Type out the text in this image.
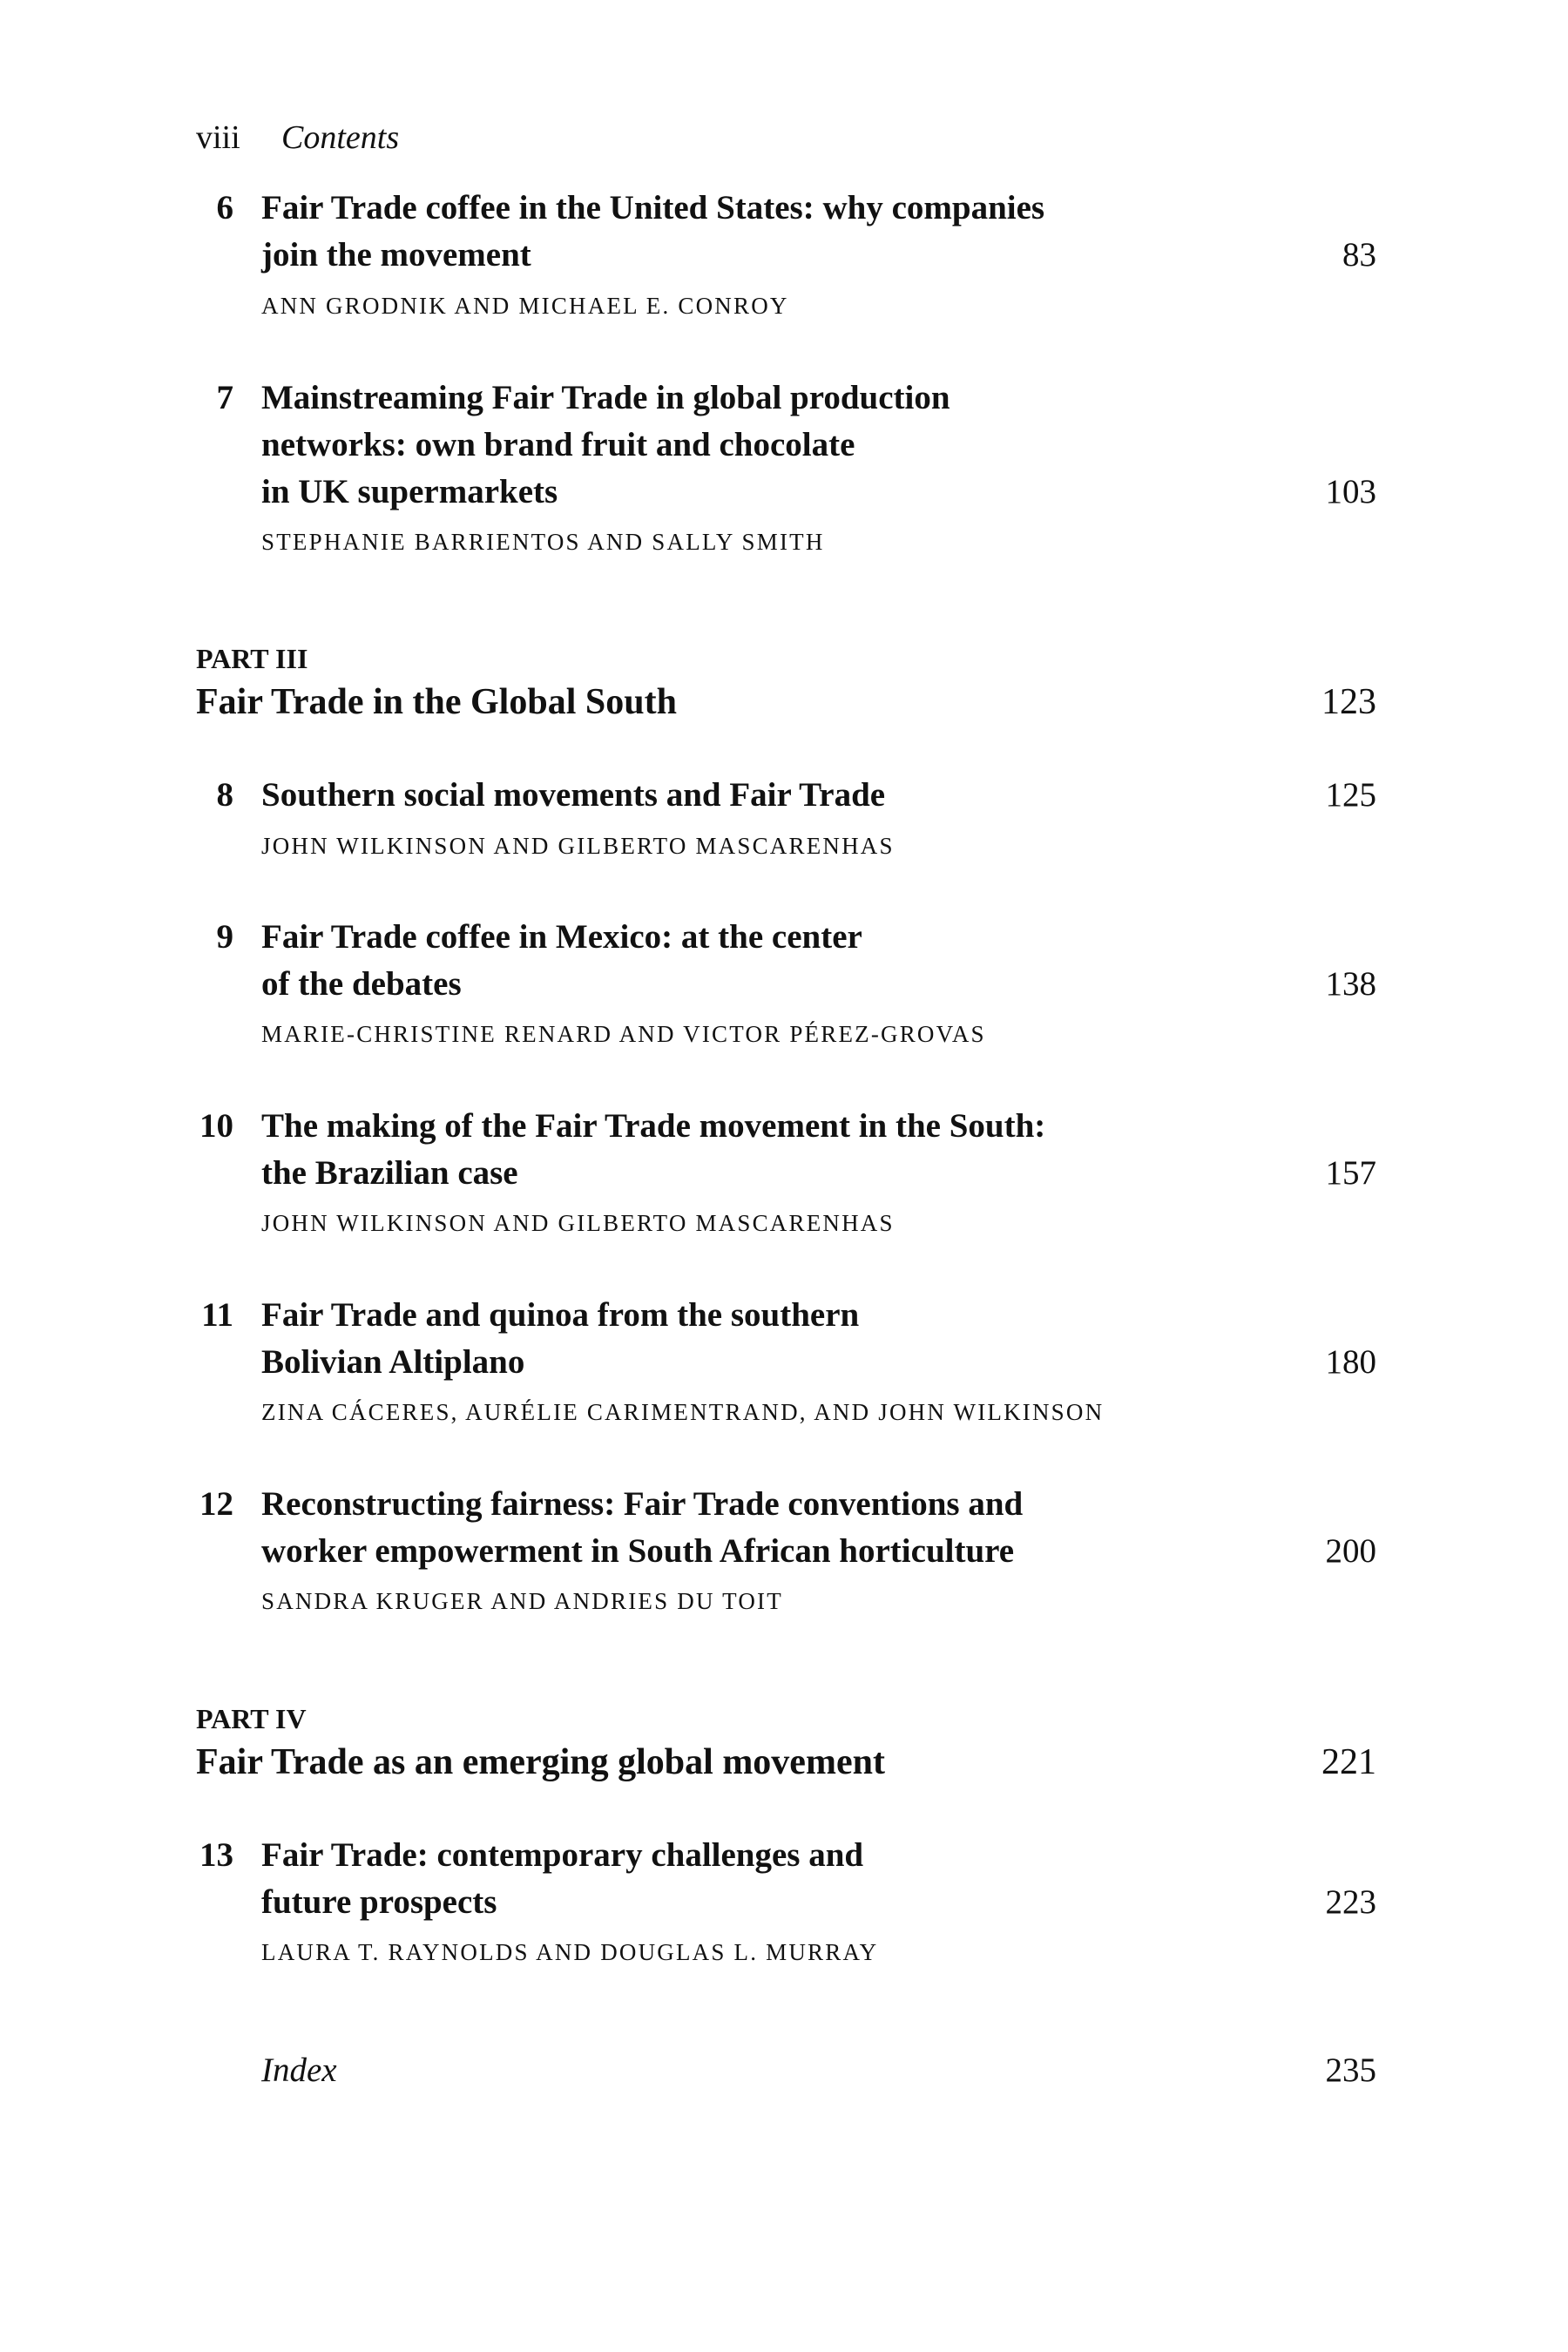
viii Contents
6 Fair Trade coffee in the United States: why companies
join the movement	83
ANN GRODNIK AND MICHAEL E. CONROY
7 Mainstreaming Fair Trade in global production
networks: own brand fruit and chocolate
in UK supermarkets	103
STEPHANIE BARRIENTOS AND SALLY SMITH
PART III
Fair Trade in the Global South	123
8 Southern social movements and Fair Trade	125
JOHN WILKINSON AND GILBERTO MASCARENHAS
9 Fair Trade coffee in Mexico: at the center
of the debates	138
MARIE-CHRISTINE RENARD AND VICTOR PÉREZ-GROVAS
10 The making of the Fair Trade movement in the South:
the Brazilian case	157
JOHN WILKINSON AND GILBERTO MASCARENHAS
11 Fair Trade and quinoa from the southern
Bolivian Altiplano	180
ZINA CÁCERES, AURÉLIE CARIMENTRAND, AND JOHN WILKINSON
12 Reconstructing fairness: Fair Trade conventions and
worker empowerment in South African horticulture	200
SANDRA KRUGER AND ANDRIES DU TOIT
PART IV
Fair Trade as an emerging global movement	221
13 Fair Trade: contemporary challenges and
future prospects	223
LAURA T. RAYNOLDS AND DOUGLAS L. MURRAY
Index	235
